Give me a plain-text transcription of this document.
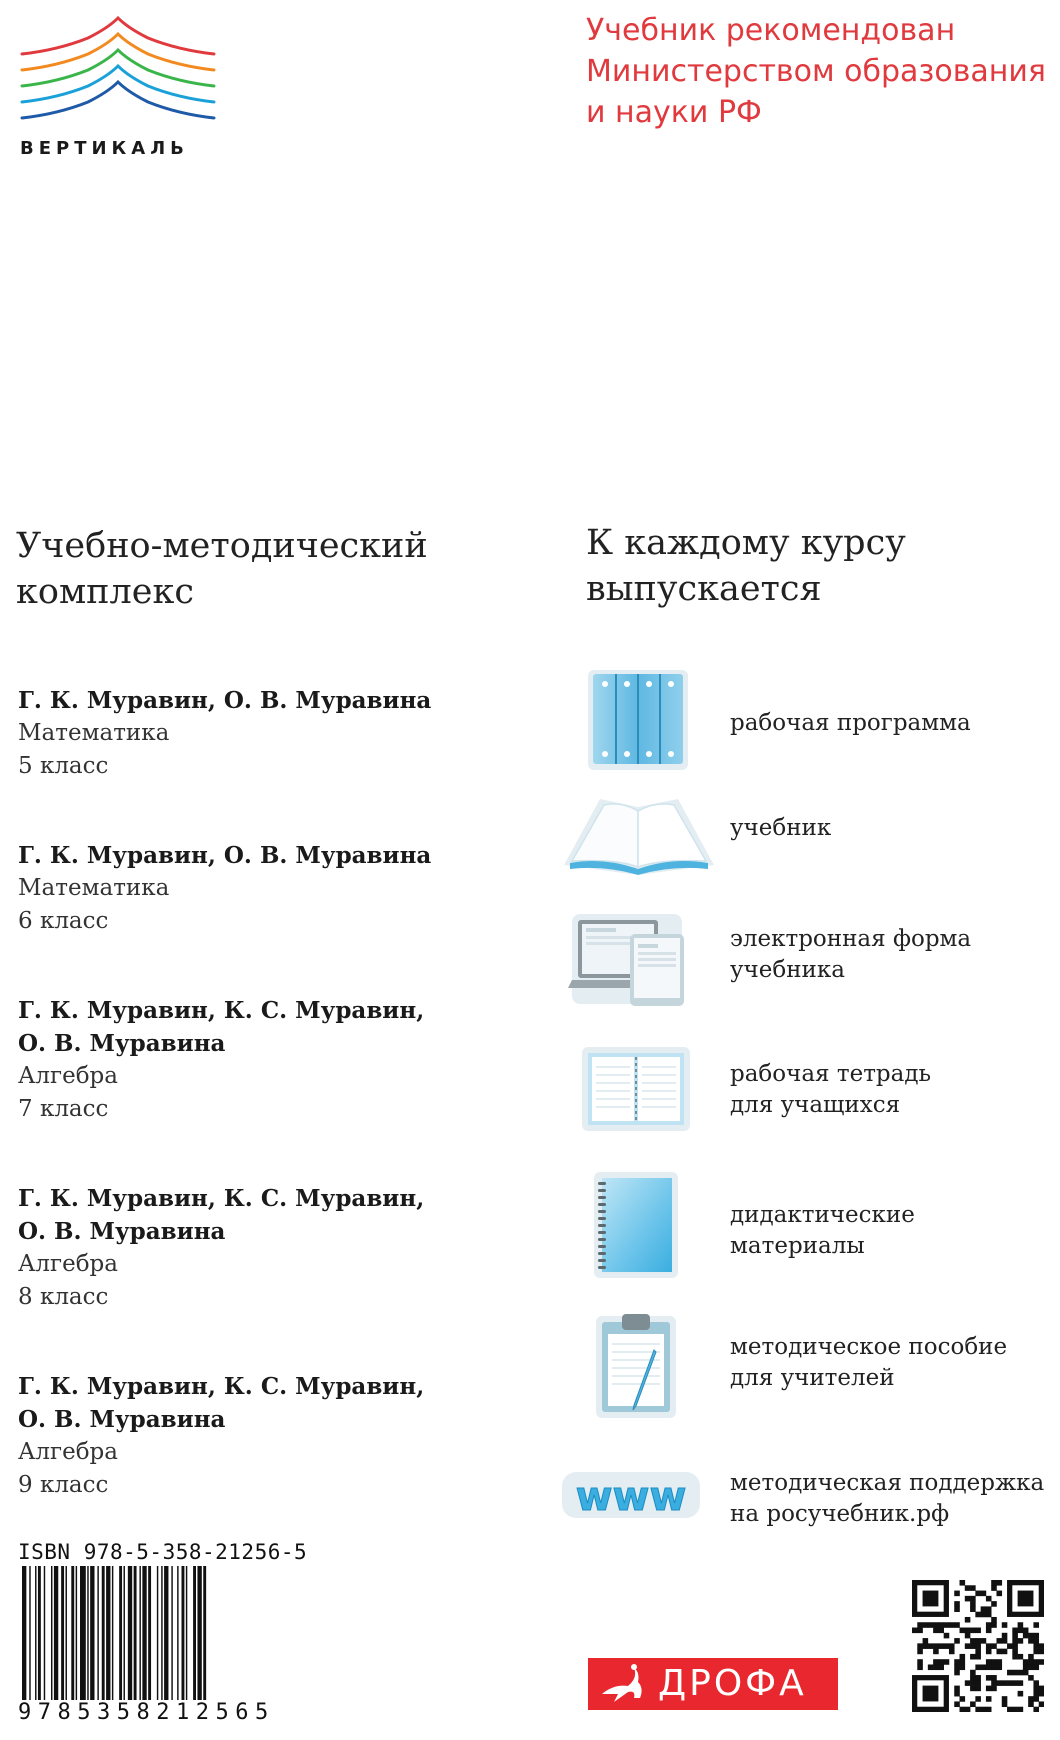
ВЕРТИКАЛЬ
Учебник рекомендован
Министерством образования
и науки РФ
Учебно-методический
комплекс
К каждому курсу
выпускается
Г. К. Муравин, О. В. Муравина
Математика
5 класс
Г. К. Муравин, О. В. Муравина
Математика
6 класс
Г. К. Муравин, К. С. Муравин,
О. В. Муравина
Алгебра
7 класс
Г. К. Муравин, К. С. Муравин,
О. В. Муравина
Алгебра
8 класс
Г. К. Муравин, К. С. Муравин,
О. В. Муравина
Алгебра
9 класс
рабочая программа
учебник
электронная форма
учебника
рабочая тетрадь
для учащихся
дидактические
материалы
методическое пособие
для учителей
www методическая поддержка
на росучебник.рф
ISBN 978-5-358-21256-5
9785358212565
ДРОФА
